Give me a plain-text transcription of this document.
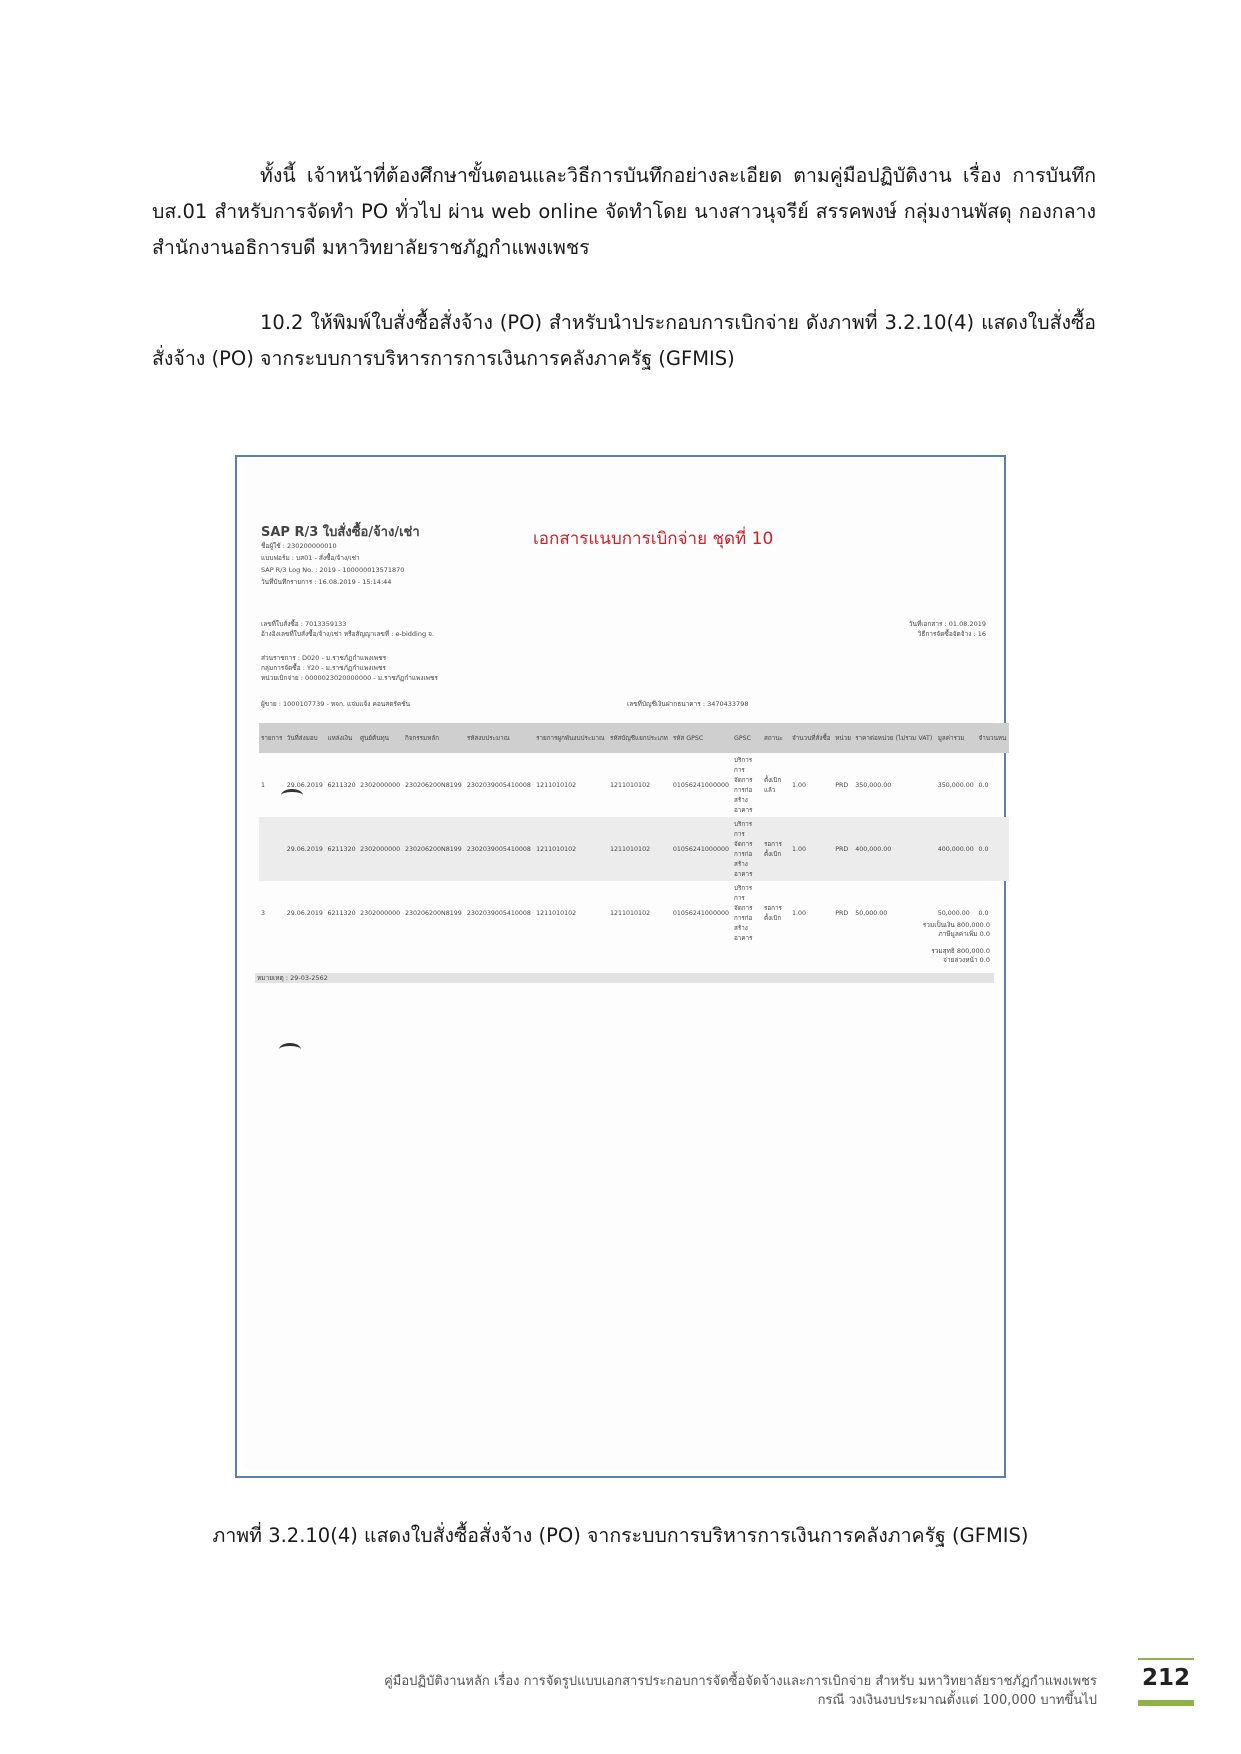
ทั้งนี้ เจ้าหน้าที่ต้องศึกษาขั้นตอนและวิธีการบันทึกอย่างละเอียด ตามคู่มือปฏิบัติงาน เรื่อง การบันทึก บส.01 สำหรับการจัดทำ PO ทั่วไป ผ่าน web online จัดทำโดย นางสาวนุจรีย์ สรรคพงษ์ กลุ่มงานพัสดุ กองกลาง สำนักงานอธิการบดี มหาวิทยาลัยราชภัฏกำแพงเพชร
10.2 ให้พิมพ์ใบสั่งซื้อสั่งจ้าง (PO) สำหรับนำประกอบการเบิกจ่าย ดังภาพที่ 3.2.10(4) แสดงใบสั่งซื้อสั่งจ้าง (PO) จากระบบการบริหารการการเงินการคลังภาครัฐ (GFMIS)
SAP R/3 ใบสั่งซื้อ/จ้าง/เช่า	เอกสารแนบการเบิกจ่าย ชุดที่ 10
ชื่อผู้ใช้ : 230200000010
แบบฟอร์ม : บส01 - สั่งซื้อ/จ้าง/เช่า
SAP R/3 Log No. : 2019 - 100000013571870
วันที่บันทึกรายการ : 16.08.2019 - 15:14:44
เลขที่ใบสั่งซื้อ : 7013359133
อ้างอิงเลขที่ใบสั่งซื้อ/จ้าง/เช่า หรือสัญญาเลขที่ : e-bidding จ.
วันที่เอกสาร : 01.08.2019
วิธีการจัดซื้อจัดจ้าง : 16
ส่วนราชการ : D020 - ม.ราชภัฏกำแพงเพชร
กลุ่มการจัดซื้อ : Y20 - ม.ราชภัฏกำแพงเพชร
หน่วยเบิกจ่าย : 0000023020000000 - ม.ราชภัฏกำแพงเพชร
ผู้ขาย : 1000107739 - หจก. แจ่มแจ้ง คอนสตรัคชั่น	เลขที่บัญชีเงินฝากธนาคาร : 3470433798
รายการ	วันที่ส่งมอบ	แหล่งเงิน	ศูนย์ต้นทุน	กิจกรรมหลัก	รหัสงบประมาณ	รายการผูกพันงบประมาณ	รหัสบัญชีแยกประเภท	รหัส GPSC	GPSC	สถานะ	จำนวนที่สั่งซื้อ	หน่วย	ราคาต่อหน่วย (ไม่รวม VAT)	มูลค่ารวม	จำนวนหน
1	29.06.2019	6211320	2302000000	230206200N8199	2302039005410008	1211010102	1211010102	01056241000000	บริการ การ จัดการ การก่อ สร้าง อาคาร	ตั้งเบิก แล้ว	1.00	PRD	350,000.00	350,000.00	0.0
	29.06.2019	6211320	2302000000	230206200N8199	2302039005410008	1211010102	1211010102	01056241000000	บริการ การ จัดการ การก่อ สร้าง อาคาร	รอการ ตั้งเบิก	1.00	PRD	400,000.00	400,000.00	0.0
3	29.06.2019	6211320	2302000000	230206200N8199	2302039005410008	1211010102	1211010102	01056241000000	บริการ การ จัดการ การก่อ สร้าง อาคาร	รอการ ตั้งเบิก	1.00	PRD	50,000.00	50,000.00	0.0
รวมเป็นเงิน 800,000.0
ภาษีมูลค่าเพิ่ม 0.0
รวมสุทธิ 800,000.0
จ่ายล่วงหน้า 0.0
หมายเหตุ : 29-03-2562
ภาพที่ 3.2.10(4) แสดงใบสั่งซื้อสั่งจ้าง (PO) จากระบบการบริหารการเงินการคลังภาครัฐ (GFMIS)
คู่มือปฏิบัติงานหลัก เรื่อง การจัดรูปแบบเอกสารประกอบการจัดซื้อจัดจ้างและการเบิกจ่าย สำหรับ มหาวิทยาลัยราชภัฏกำแพงเพชร
กรณี วงเงินงบประมาณตั้งแต่ 100,000 บาทขึ้นไป
212
